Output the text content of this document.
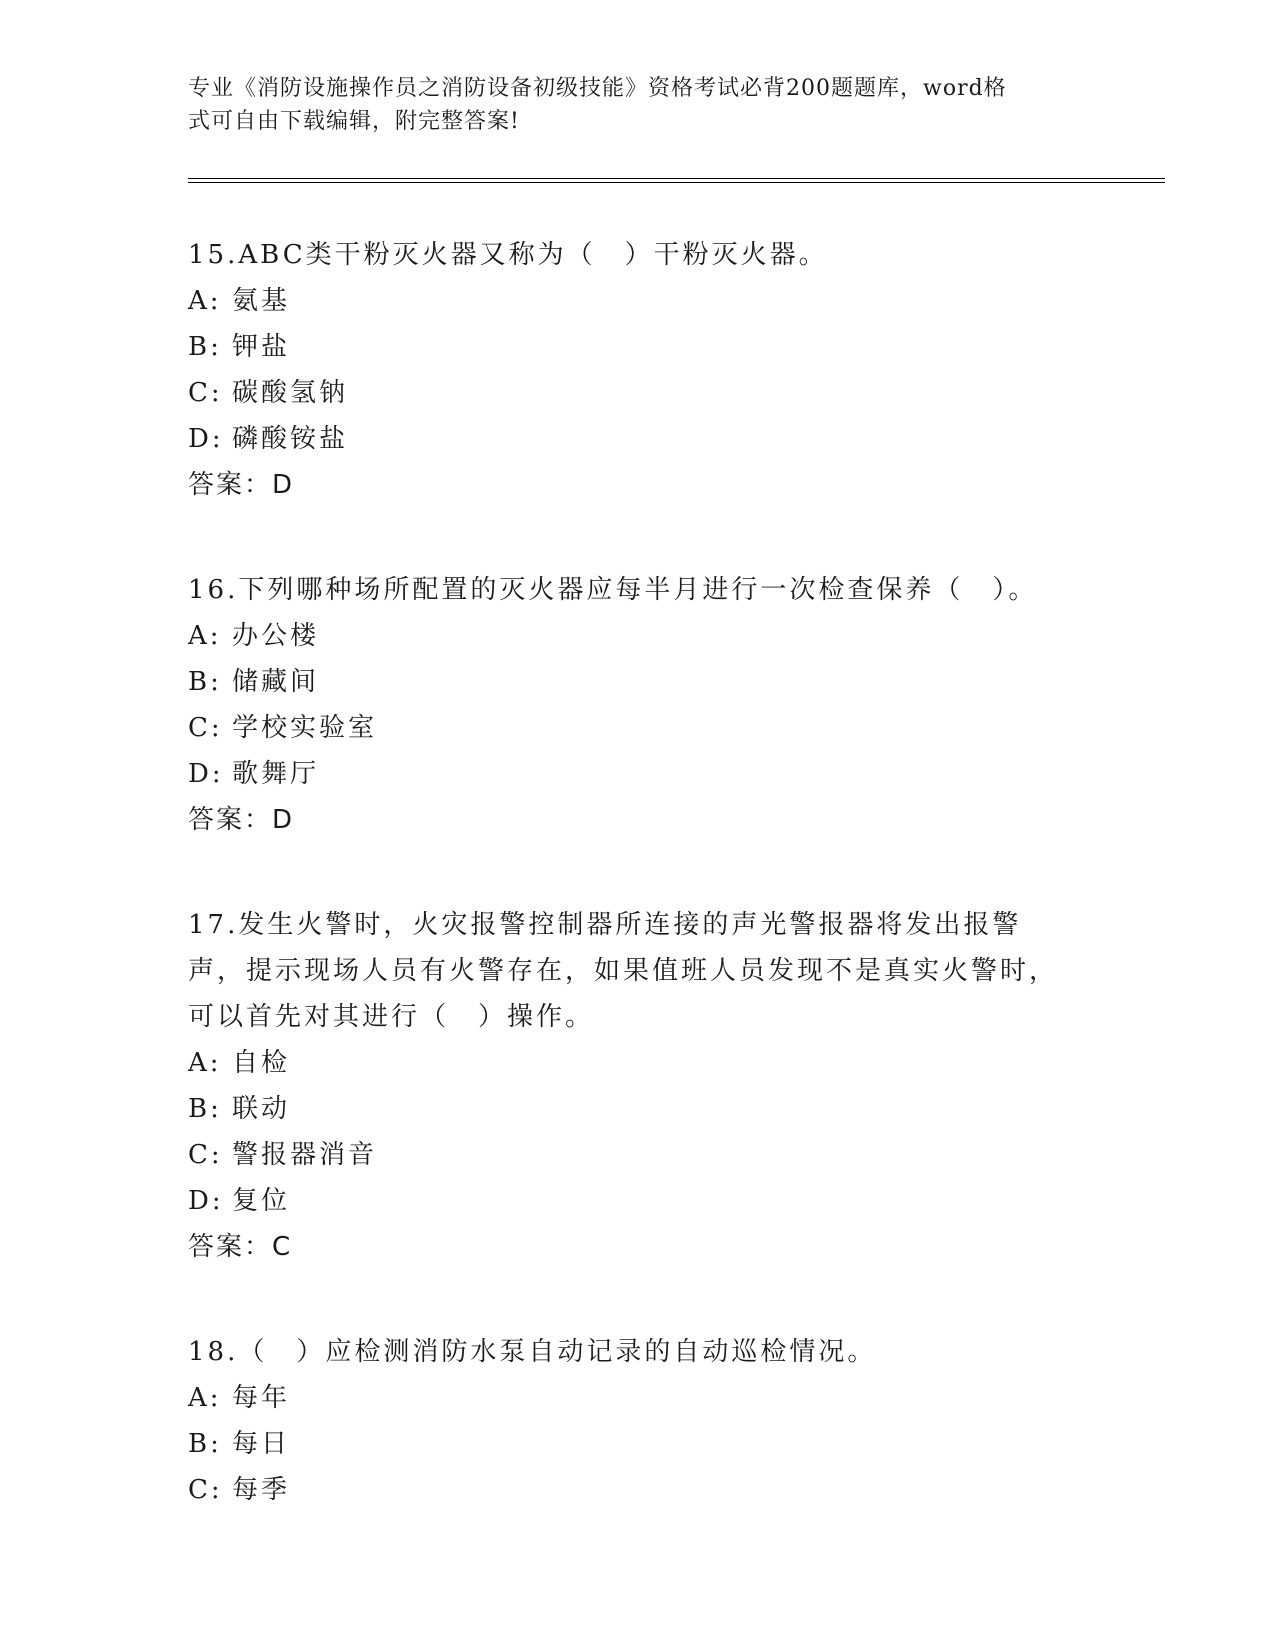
专业《消防设施操作员之消防设备初级技能》资格考试必背200题题库，word格
式可自由下载编辑，附完整答案!
15.ABC类干粉灭火器又称为（　）干粉灭火器。
A: 氨基
B: 钾盐
C: 碳酸氢钠
D: 磷酸铵盐
答案：D
16.下列哪种场所配置的灭火器应每半月进行一次检查保养（　）。
A: 办公楼
B: 储藏间
C: 学校实验室
D: 歌舞厅
答案：D
17.发生火警时，火灾报警控制器所连接的声光警报器将发出报警声，提示现场人员有火警存在，如果值班人员发现不是真实火警时，可以首先对其进行（　）操作。
A: 自检
B: 联动
C: 警报器消音
D: 复位
答案：C
18.（　）应检测消防水泵自动记录的自动巡检情况。
A: 每年
B: 每日
C: 每季
